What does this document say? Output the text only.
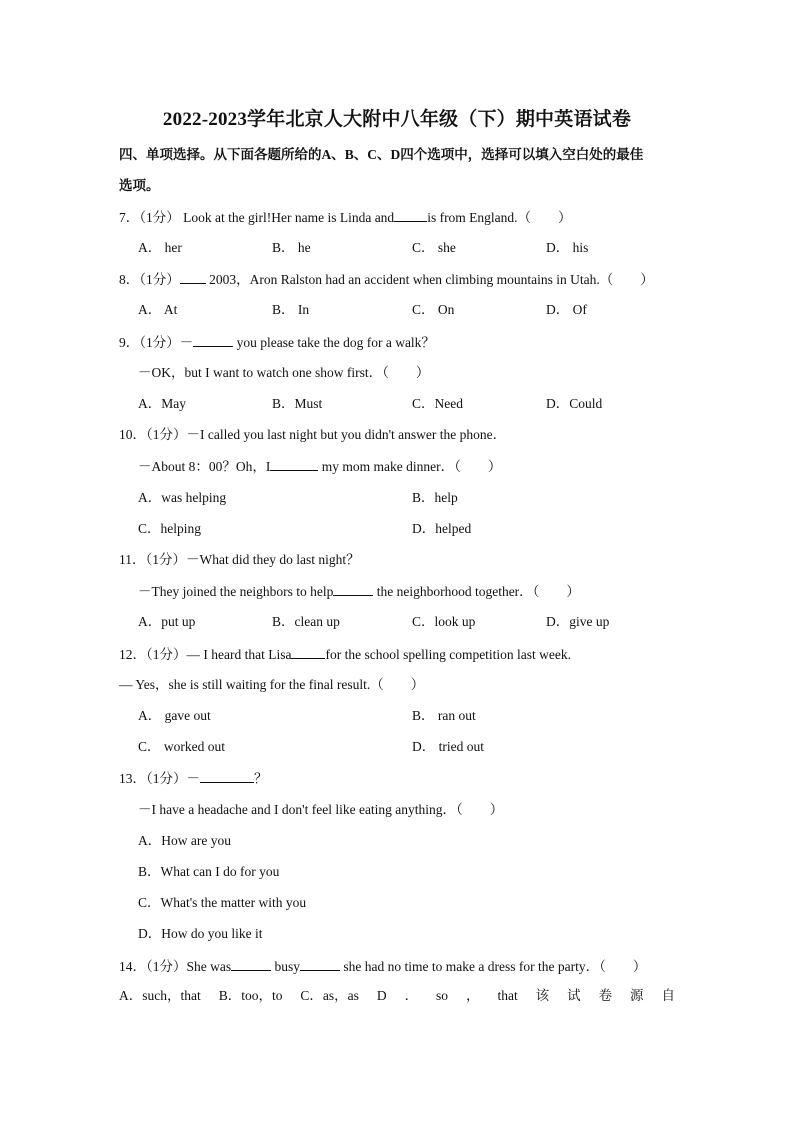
2022-2023学年北京人大附中八年级（下）期中英语试卷
四、单项选择。从下面各题所给的A、B、C、D四个选项中，选择可以填入空白处的最佳
选项。
7．（1分） Look at the girl!Her name is Linda and is from England.（　　）
A． her	B． he	C． she	D． his
8．（1分） 2003，Aron Ralston had an accident when climbing mountains in Utah.（　　）
A． At	B． In	C． On	D． Of
9．（1分）－	you please take the dog for a walk？
－OK，but I want to watch one show first．（　　）
A．May	B．Must	C．Need	D．Could
10．（1分）－I called you last night but you didn't answer the phone．
－About 8：00？Oh，I	my mom make dinner．（　　）
A．was helping	B．help
C．helping	D．helped
11．（1分）－What did they do last night？
－They joined the neighbors to help	the neighborhood together．（　　）
A．put up	B．clean up	C．look up	D．give up
12．（1分）— I heard that Lisa	for the school spelling competition last week.
— Yes，she is still waiting for the final result.（　　）
A． gave out	B． ran out
C． worked out	D． tried out
13．（1分）－	？
－I have a headache and I don't feel like eating anything．（　　）
A．How are you
B．What can I do for you
C．What's the matter with you
D．How do you like it
14．（1分）She was	busy	she had no time to make a dress for the party．（　　）
A．such，that B．too，to C．as，as D ． so ， that 该 试 卷 源 自
